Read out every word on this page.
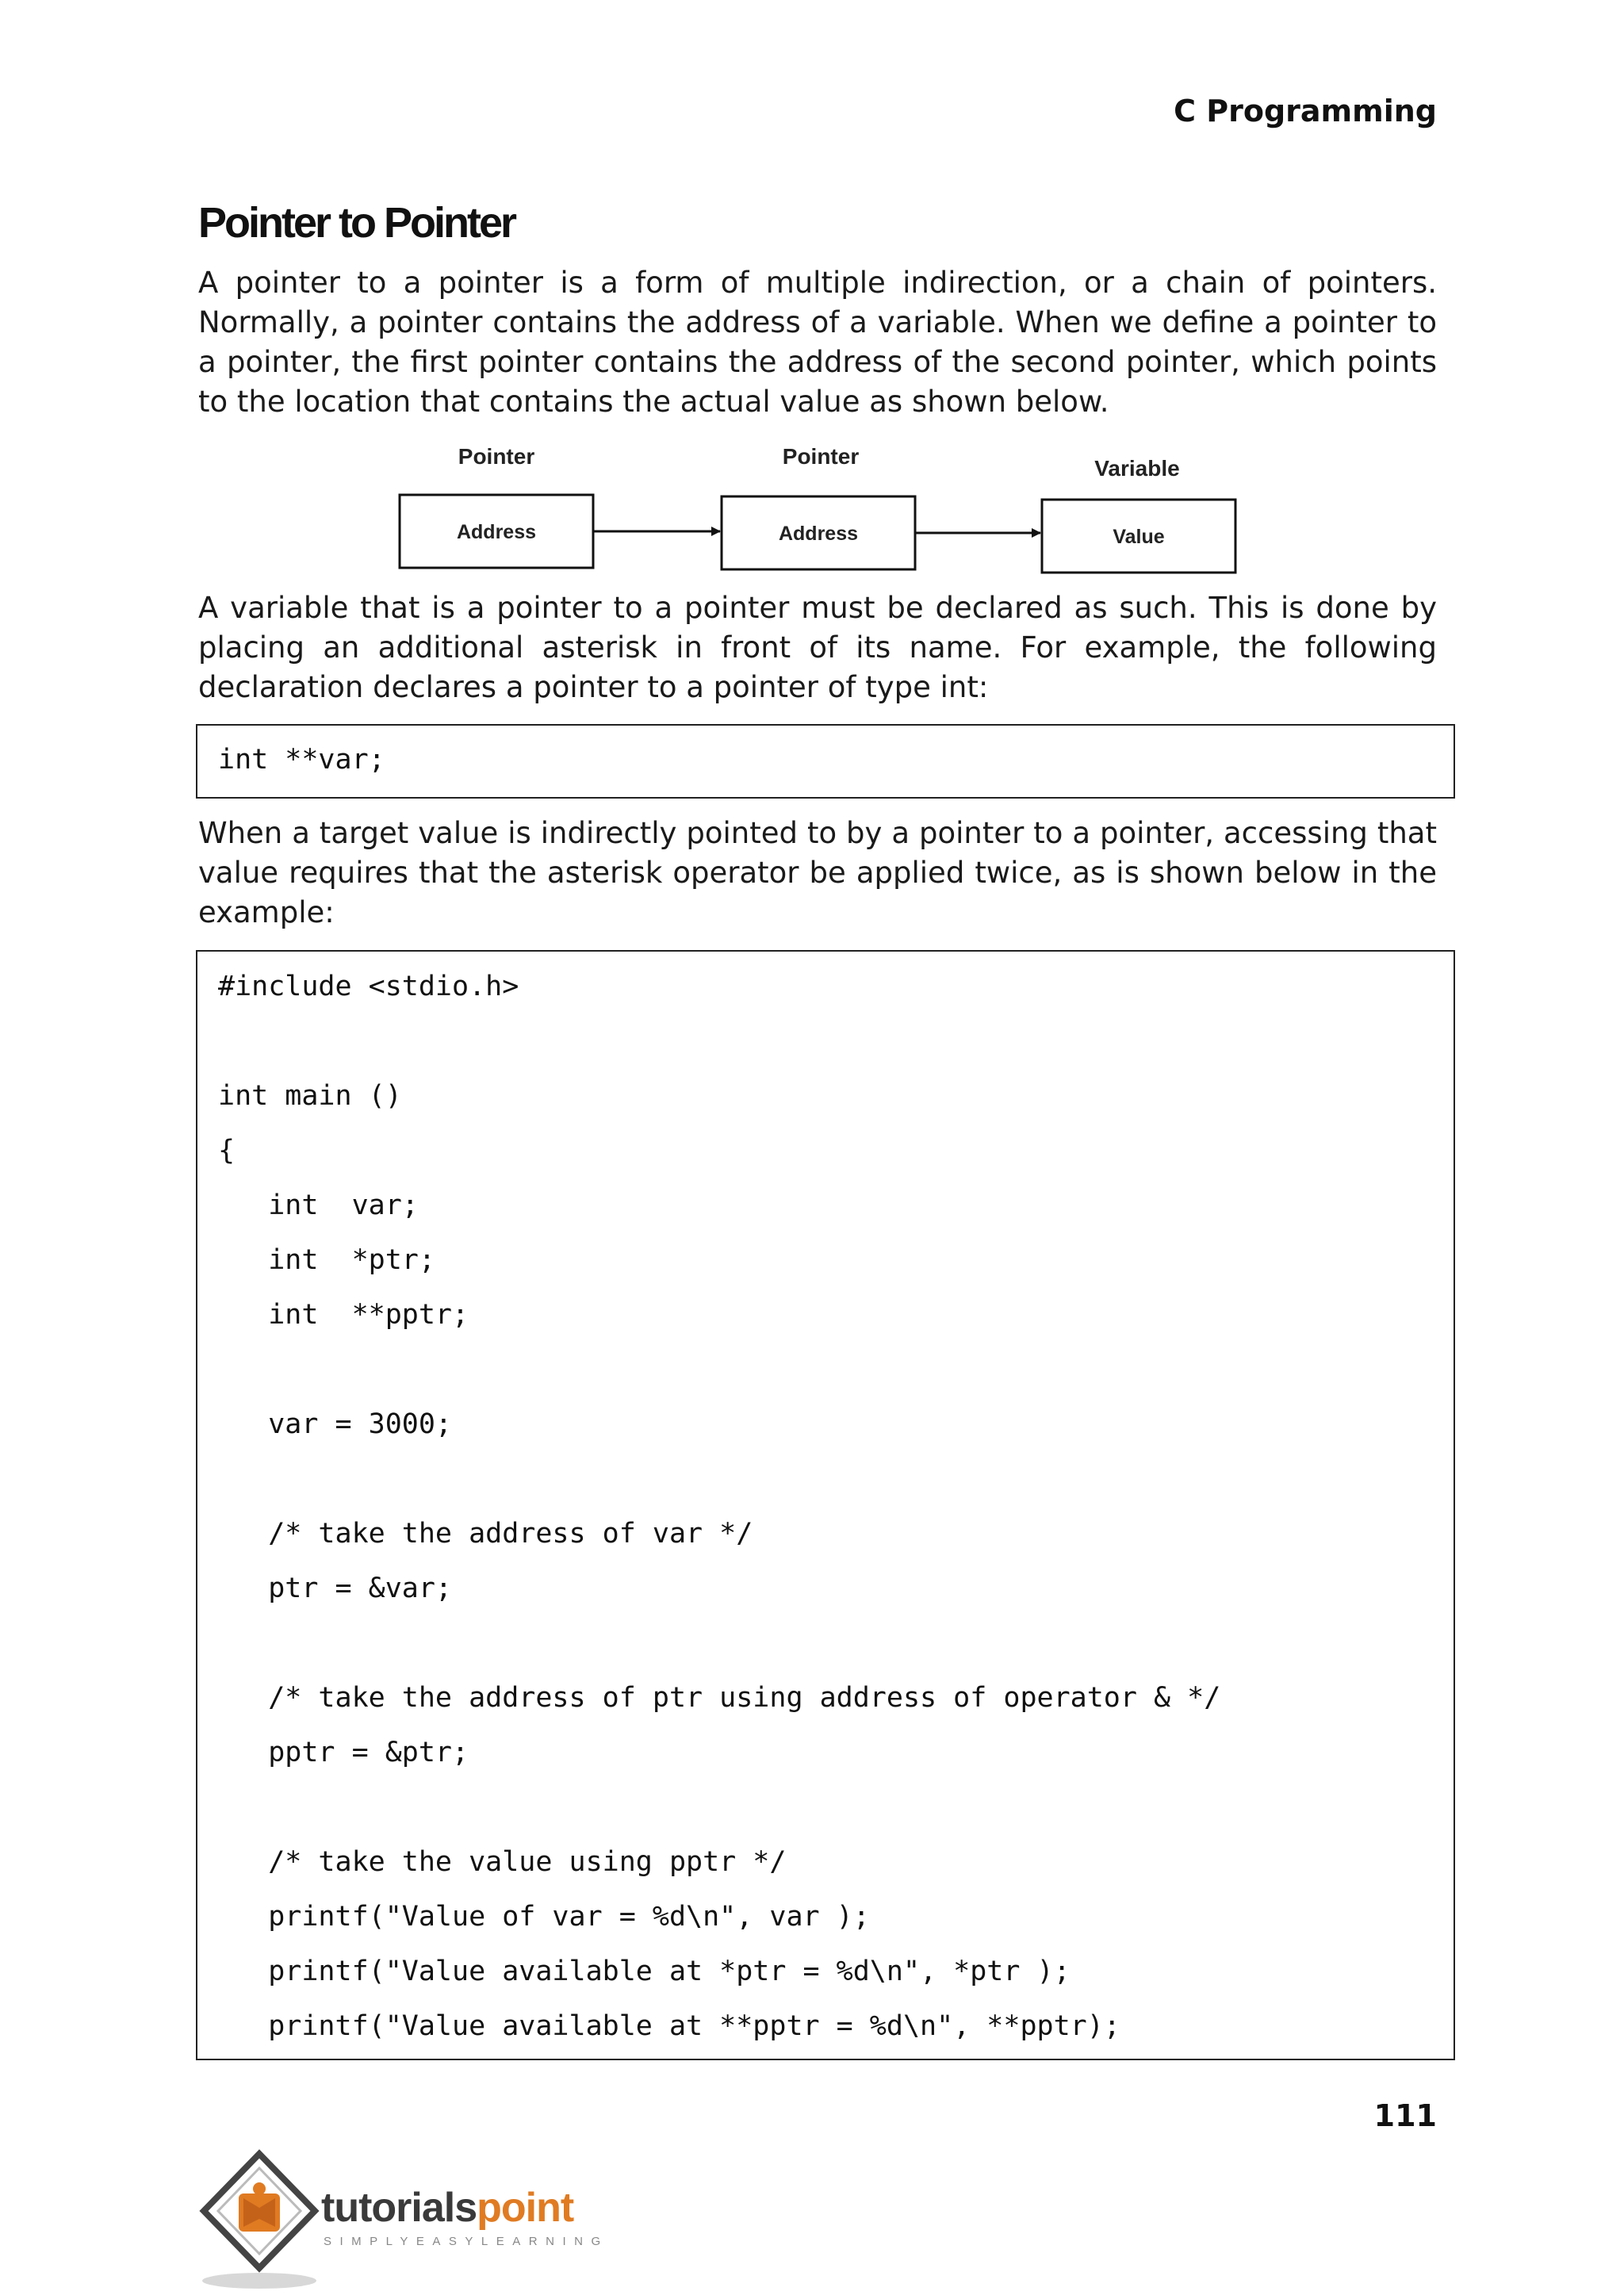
C Programming
Pointer to Pointer
A pointer to a pointer is a form of multiple indirection, or a chain of pointers. Normally, a pointer contains the address of a variable. When we define a pointer to a pointer, the first pointer contains the address of the second pointer, which points to the location that contains the actual value as shown below.
Pointer
Address
Pointer
Address
Variable
Value
A variable that is a pointer to a pointer must be declared as such. This is done by placing an additional asterisk in front of its name. For example, the following declaration declares a pointer to a pointer of type int:
int **var;
When a target value is indirectly pointed to by a pointer to a pointer, accessing that value requires that the asterisk operator be applied twice, as is shown below in the example:
#include <stdio.h>
int main ()
{
int  var;
int  *ptr;
int  **pptr;
var = 3000;
/* take the address of var */
ptr = &var;
/* take the address of ptr using address of operator & */
pptr = &ptr;
/* take the value using pptr */
printf("Value of var = %d\n", var );
printf("Value available at *ptr = %d\n", *ptr );
printf("Value available at **pptr = %d\n", **pptr);
111
tutorialspoint
SIMPLYEASYLEARNING
